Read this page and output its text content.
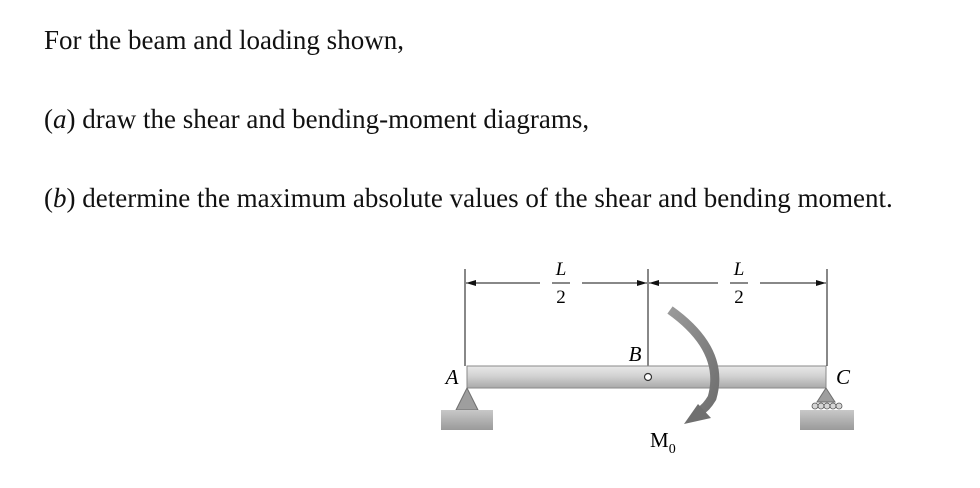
For the beam and loading shown,
(a) draw the shear and bending-moment diagrams,
(b) determine the maximum absolute values of the shear and bending moment.
L
2
L
2
B
A	C
$M_0$
